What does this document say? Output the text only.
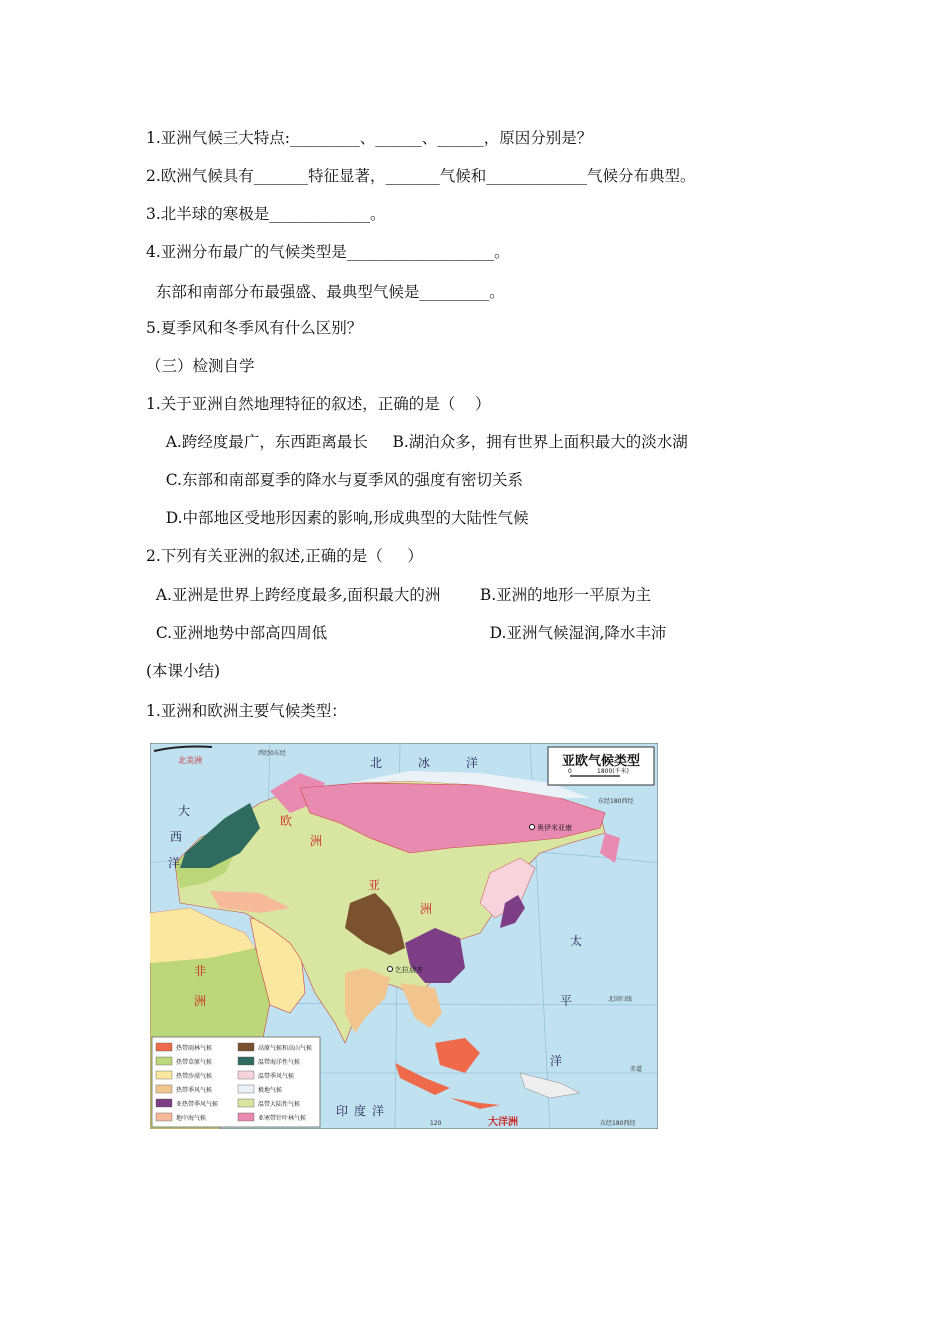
1.亚洲气候三大特点:_________、______、______，原因分别是？
2.欧洲气候具有_______特征显著，_______气候和_____________气候分布典型。
3.北半球的寒极是_____________。
4.亚洲分布最广的气候类型是___________________。
东部和南部分布最强盛、最典型气候是_________。
5.夏季风和冬季风有什么区别？
（三）检测自学
1.关于亚洲自然地理特征的叙述，正确的是（    ）
A.跨经度最广，东西距离最长     B.湖泊众多，拥有世界上面积最大的淡水湖
C.东部和南部夏季的降水与夏季风的强度有密切关系
D.中部地区受地形因素的影响,形成典型的大陆性气候
2.下列有关亚洲的叙述,正确的是（     ）
A.亚洲是世界上跨经度最多,面积最大的洲        B.亚洲的地形一平原为主
C.亚洲地势中部高四周低                                 D.亚洲气候湿润,降水丰沛
(本课小结)
1.亚洲和欧洲主要气候类型：
亚欧气候类型
0	1800(千米)
北美洲
西经0东经
北	冰	洋
大
西
洋
欧
洲
亚
洲
非
洲
太
平
洋
印度洋
大洋洲
东经180西经
东经180西经
北回归线
赤道
120
奥伊米亚康
乞拉朋齐
热带雨林气候	高原气候和高山气候
热带草原气候	温带海洋性气候
热带沙漠气候	温带季风气候
热带季风气候	极地气候
亚热带季风气候	温带大陆性气候
地中海气候	亚寒带针叶林气候
